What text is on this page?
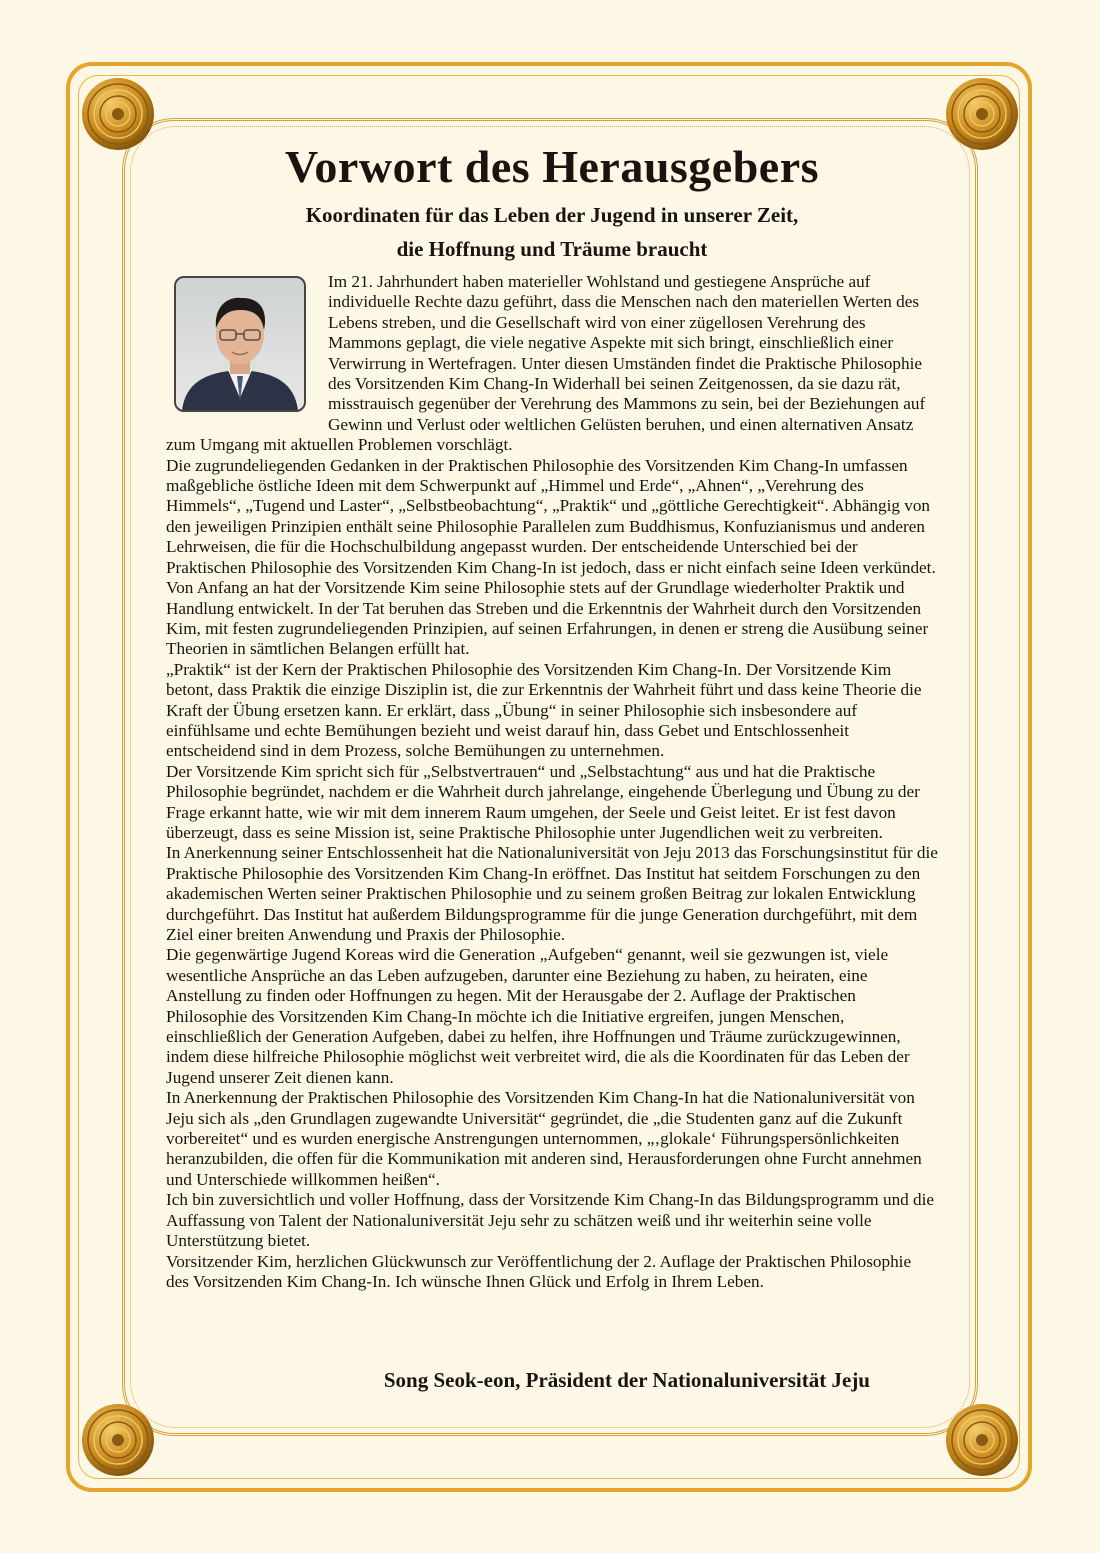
Vorwort des Herausgebers
Koordinaten für das Leben der Jugend in unserer Zeit,
die Hoffnung und Träume braucht

Im 21. Jahrhundert haben materieller Wohlstand und gestiegene Ansprüche auf individuelle Rechte dazu geführt, dass die Menschen nach den materiellen Werten des Lebens streben, und die Gesellschaft wird von einer zügellosen Verehrung des Mammons geplagt, die viele negative Aspekte mit sich bringt, einschließlich einer Verwirrung in Wertefragen. Unter diesen Umständen findet die Praktische Philosophie des Vorsitzenden Kim Chang-In Widerhall bei seinen Zeitgenossen, da sie dazu rät, misstrauisch gegenüber der Verehrung des Mammons zu sein, bei der Beziehungen auf Gewinn und Verlust oder weltlichen Gelüsten beruhen, und einen alternativen Ansatz zum Umgang mit aktuellen Problemen vorschlägt.

Die zugrundeliegenden Gedanken in der Praktischen Philosophie des Vorsitzenden Kim Chang-In umfassen maßgebliche östliche Ideen mit dem Schwerpunkt auf „Himmel und Erde“, „Ahnen“, „Verehrung des Himmels“, „Tugend und Laster“, „Selbstbeobachtung“, „Praktik“ und „göttliche Gerechtigkeit“. Abhängig von den jeweiligen Prinzipien enthält seine Philosophie Parallelen zum Buddhismus, Konfuzianismus und anderen Lehrweisen, die für die Hochschulbildung angepasst wurden. Der entscheidende Unterschied bei der Praktischen Philosophie des Vorsitzenden Kim Chang-In ist jedoch, dass er nicht einfach seine Ideen verkündet. Von Anfang an hat der Vorsitzende Kim seine Philosophie stets auf der Grundlage wiederholter Praktik und Handlung entwickelt. In der Tat beruhen das Streben und die Erkenntnis der Wahrheit durch den Vorsitzenden Kim, mit festen zugrundeliegenden Prinzipien, auf seinen Erfahrungen, in denen er streng die Ausübung seiner Theorien in sämtlichen Belangen erfüllt hat.

„Praktik“ ist der Kern der Praktischen Philosophie des Vorsitzenden Kim Chang-In. Der Vorsitzende Kim betont, dass Praktik die einzige Disziplin ist, die zur Erkenntnis der Wahrheit führt und dass keine Theorie die Kraft der Übung ersetzen kann. Er erklärt, dass „Übung“ in seiner Philosophie sich insbesondere auf einfühlsame und echte Bemühungen bezieht und weist darauf hin, dass Gebet und Entschlossenheit entscheidend sind in dem Prozess, solche Bemühungen zu unternehmen.

Der Vorsitzende Kim spricht sich für „Selbstvertrauen“ und „Selbstachtung“ aus und hat die Praktische Philosophie begründet, nachdem er die Wahrheit durch jahrelange, eingehende Überlegung und Übung zu der Frage erkannt hatte, wie wir mit dem innerem Raum umgehen, der Seele und Geist leitet. Er ist fest davon überzeugt, dass es seine Mission ist, seine Praktische Philosophie unter Jugendlichen weit zu verbreiten.

In Anerkennung seiner Entschlossenheit hat die Nationaluniversität von Jeju 2013 das Forschungsinstitut für die Praktische Philosophie des Vorsitzenden Kim Chang-In eröffnet. Das Institut hat seitdem Forschungen zu den akademischen Werten seiner Praktischen Philosophie und zu seinem großen Beitrag zur lokalen Entwicklung durchgeführt. Das Institut hat außerdem Bildungsprogramme für die junge Generation durchgeführt, mit dem Ziel einer breiten Anwendung und Praxis der Philosophie.

Die gegenwärtige Jugend Koreas wird die Generation „Aufgeben“ genannt, weil sie gezwungen ist, viele wesentliche Ansprüche an das Leben aufzugeben, darunter eine Beziehung zu haben, zu heiraten, eine Anstellung zu finden oder Hoffnungen zu hegen. Mit der Herausgabe der 2. Auflage der Praktischen Philosophie des Vorsitzenden Kim Chang-In möchte ich die Initiative ergreifen, jungen Menschen, einschließlich der Generation Aufgeben, dabei zu helfen, ihre Hoffnungen und Träume zurückzugewinnen, indem diese hilfreiche Philosophie möglichst weit verbreitet wird, die als die Koordinaten für das Leben der Jugend unserer Zeit dienen kann.

In Anerkennung der Praktischen Philosophie des Vorsitzenden Kim Chang-In hat die Nationaluniversität von Jeju sich als „den Grundlagen zugewandte Universität“ gegründet, die „die Studenten ganz auf die Zukunft vorbereitet“ und es wurden energische Anstrengungen unternommen, „‚glokale‘ Führungspersönlichkeiten heranzubilden, die offen für die Kommunikation mit anderen sind, Herausforderungen ohne Furcht annehmen und Unterschiede willkommen heißen“.

Ich bin zuversichtlich und voller Hoffnung, dass der Vorsitzende Kim Chang-In das Bildungsprogramm und die Auffassung von Talent der Nationaluniversität Jeju sehr zu schätzen weiß und ihr weiterhin seine volle Unterstützung bietet.

Vorsitzender Kim, herzlichen Glückwunsch zur Veröffentlichung der 2. Auflage der Praktischen Philosophie des Vorsitzenden Kim Chang-In. Ich wünsche Ihnen Glück und Erfolg in Ihrem Leben.

Song Seok-eon, Präsident der Nationaluniversität Jeju
